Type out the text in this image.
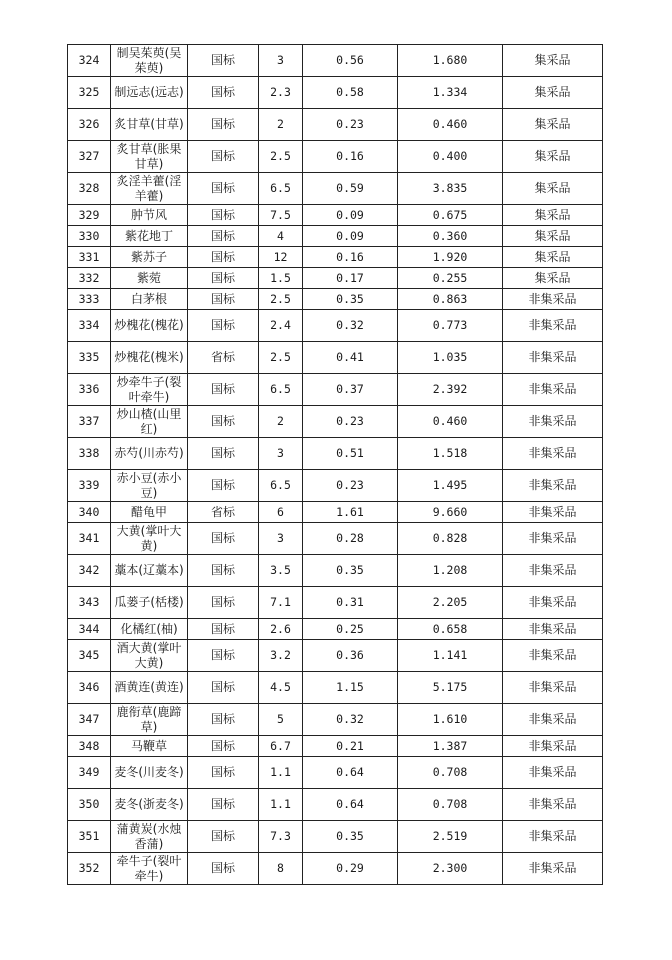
324	制吴茱萸(吴茱萸)	国标	3	0.56	1.680	集采品
325	制远志(远志)	国标	2.3	0.58	1.334	集采品
326	炙甘草(甘草)	国标	2	0.23	0.460	集采品
327	炙甘草(胀果甘草)	国标	2.5	0.16	0.400	集采品
328	炙淫羊藿(淫羊藿)	国标	6.5	0.59	3.835	集采品
329	肿节风	国标	7.5	0.09	0.675	集采品
330	紫花地丁	国标	4	0.09	0.360	集采品
331	紫苏子	国标	12	0.16	1.920	集采品
332	紫菀	国标	1.5	0.17	0.255	集采品
333	白茅根	国标	2.5	0.35	0.863	非集采品
334	炒槐花(槐花)	国标	2.4	0.32	0.773	非集采品
335	炒槐花(槐米)	省标	2.5	0.41	1.035	非集采品
336	炒牵牛子(裂叶牵牛)	国标	6.5	0.37	2.392	非集采品
337	炒山楂(山里红)	国标	2	0.23	0.460	非集采品
338	赤芍(川赤芍)	国标	3	0.51	1.518	非集采品
339	赤小豆(赤小豆)	国标	6.5	0.23	1.495	非集采品
340	醋龟甲	省标	6	1.61	9.660	非集采品
341	大黄(掌叶大黄)	国标	3	0.28	0.828	非集采品
342	藁本(辽藁本)	国标	3.5	0.35	1.208	非集采品
343	瓜蒌子(栝楼)	国标	7.1	0.31	2.205	非集采品
344	化橘红(柚)	国标	2.6	0.25	0.658	非集采品
345	酒大黄(掌叶大黄)	国标	3.2	0.36	1.141	非集采品
346	酒黄连(黄连)	国标	4.5	1.15	5.175	非集采品
347	鹿衔草(鹿蹄草)	国标	5	0.32	1.610	非集采品
348	马鞭草	国标	6.7	0.21	1.387	非集采品
349	麦冬(川麦冬)	国标	1.1	0.64	0.708	非集采品
350	麦冬(浙麦冬)	国标	1.1	0.64	0.708	非集采品
351	蒲黄炭(水烛香蒲)	国标	7.3	0.35	2.519	非集采品
352	牵牛子(裂叶牵牛)	国标	8	0.29	2.300	非集采品
